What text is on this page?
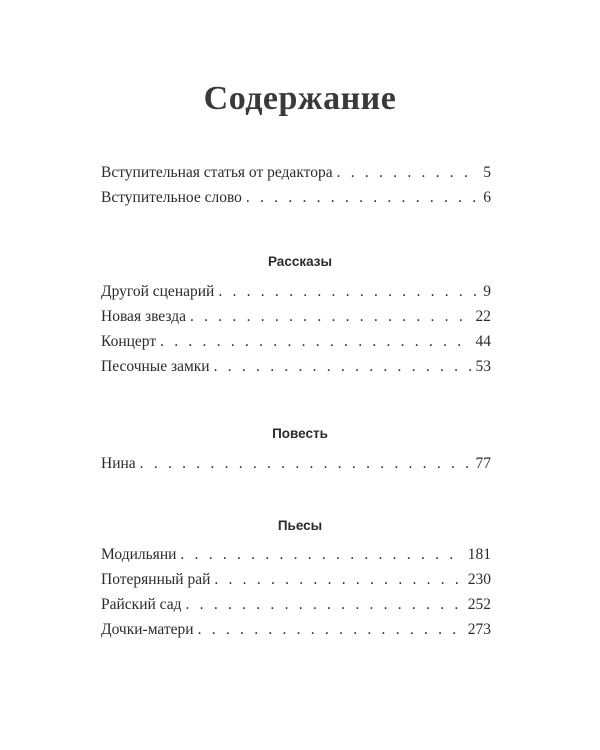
Содержание
Вступительная статья от редактора . . .	5
Вступительное слово . . .	6
Рассказы
Другой сценарий . . .	9
Новая звезда . . .	22
Концерт . . .	44
Песочные замки . . .	53
Повесть
Нина . . .	77
Пьесы
Модильяни . . .	181
Потерянный рай . . .	230
Райский сад . . .	252
Дочки-матери . . .	273
